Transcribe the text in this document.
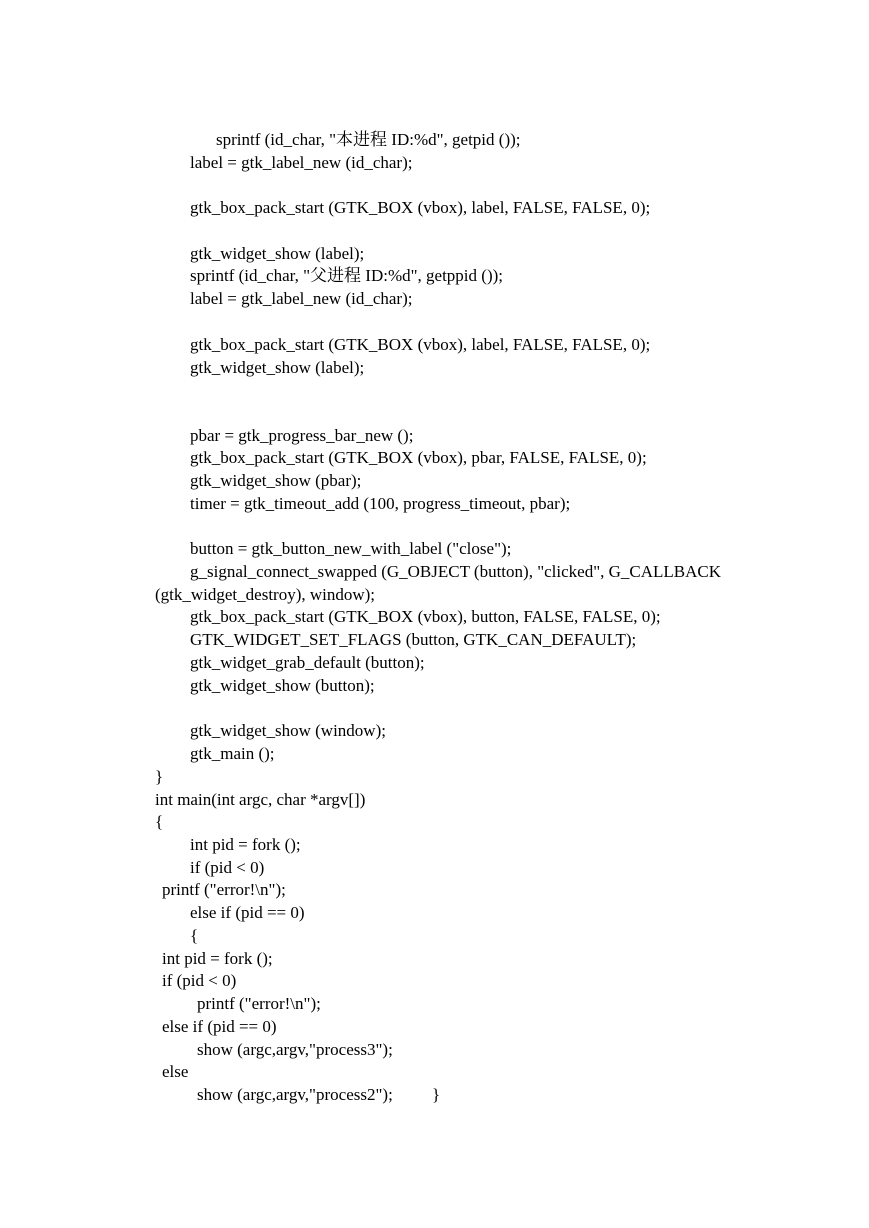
sprintf (id_char, "本进程 ID:%d", getpid ());
label = gtk_label_new (id_char);
gtk_box_pack_start (GTK_BOX (vbox), label, FALSE, FALSE, 0);
gtk_widget_show (label);
sprintf (id_char, "父进程 ID:%d", getppid ());
label = gtk_label_new (id_char);
gtk_box_pack_start (GTK_BOX (vbox), label, FALSE, FALSE, 0);
gtk_widget_show (label);
pbar = gtk_progress_bar_new ();
gtk_box_pack_start (GTK_BOX (vbox), pbar, FALSE, FALSE, 0);
gtk_widget_show (pbar);
timer = gtk_timeout_add (100, progress_timeout, pbar);
button = gtk_button_new_with_label ("close");
g_signal_connect_swapped (G_OBJECT (button), "clicked", G_CALLBACK
(gtk_widget_destroy), window);
gtk_box_pack_start (GTK_BOX (vbox), button, FALSE, FALSE, 0);
GTK_WIDGET_SET_FLAGS (button, GTK_CAN_DEFAULT);
gtk_widget_grab_default (button);
gtk_widget_show (button);
gtk_widget_show (window);
gtk_main ();
}
int main(int argc, char *argv[])
{
int pid = fork ();
if (pid < 0)
printf ("error!\n");
else if (pid == 0)
{
int pid = fork ();
if (pid < 0)
printf ("error!\n");
else if (pid == 0)
show (argc,argv,"process3");
else
show (argc,argv,"process2"); }
